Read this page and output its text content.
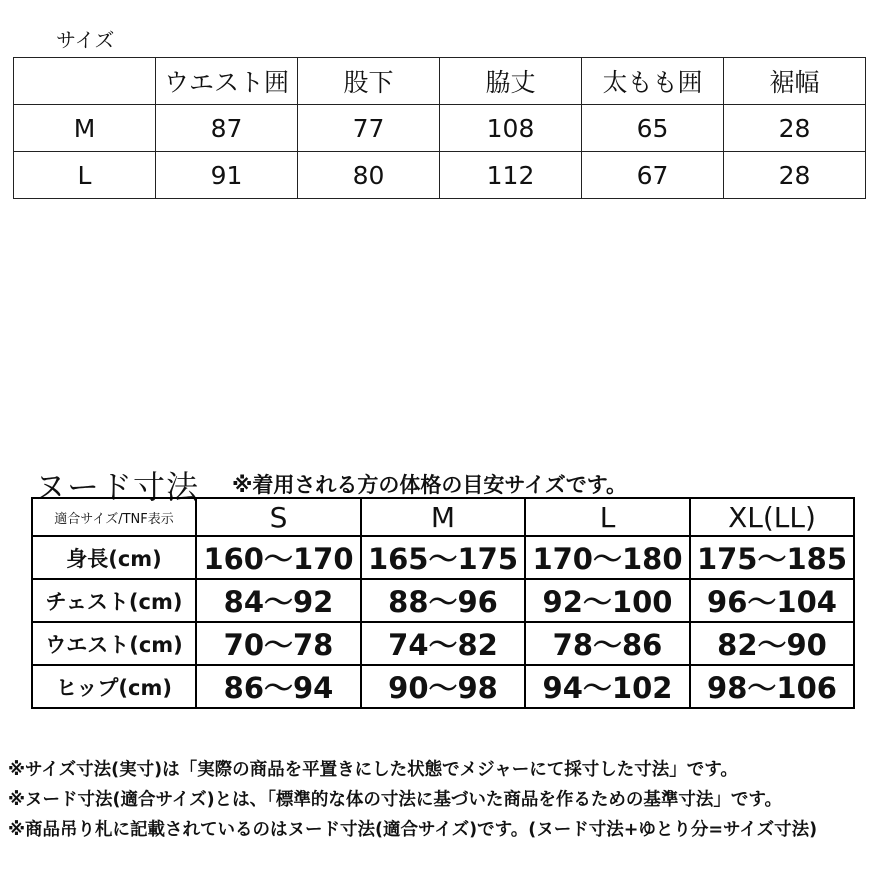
サイズ
	ウエスト囲	股下	脇丈	太もも囲	裾幅
M	87	77	108	65	28
L	91	80	112	67	28
ヌード寸法 ※着用される方の体格の目安サイズです。
適合サイズ/TNF表示	S	M	L	XL(LL)
身長(cm)	160〜170	165〜175	170〜180	175〜185
チェスト(cm)	84〜92	88〜96	92〜100	96〜104
ウエスト(cm)	70〜78	74〜82	78〜86	82〜90
ヒップ(cm)	86〜94	90〜98	94〜102	98〜106
※サイズ寸法(実寸)は「実際の商品を平置きにした状態でメジャーにて採寸した寸法」です。
※ヌード寸法(適合サイズ)とは、「標準的な体の寸法に基づいた商品を作るための基準寸法」です。
※商品吊り札に記載されているのはヌード寸法(適合サイズ)です。(ヌード寸法+ゆとり分=サイズ寸法)
